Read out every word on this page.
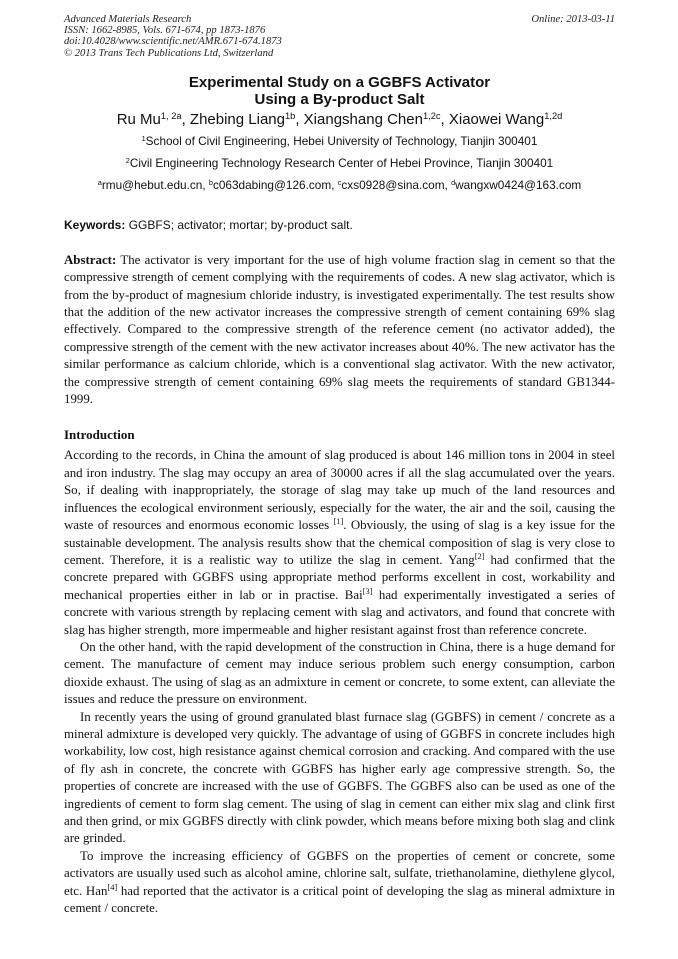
Advanced Materials Research
ISSN: 1662-8985, Vols. 671-674, pp 1873-1876
doi:10.4028/www.scientific.net/AMR.671-674.1873
© 2013 Trans Tech Publications Ltd, Switzerland
Online: 2013-03-11
Experimental Study on a GGBFS Activator
Using a By-product Salt
Ru $Mu^{1, 2a}$, Zhebing Liang$^{1b}$, Xiangshang Chen$^{1,2c}$, Xiaowei Wang$^{1,2d}$
$^1$School of Civil Engineering, Hebei University of Technology, Tianjin 300401
$^2$Civil Engineering Technology Research Center of Hebei Province, Tianjin 300401
$^a$rmu@hebut.edu.cn, $^b$c063dabing@126.com, $^c$cxs0928@sina.com, $^d$wangxw0424@163.com
Keywords: GGBFS; activator; mortar; by-product salt.

Abstract: The activator is very important for the use of high volume fraction slag in cement so that the compressive strength of cement complying with the requirements of codes. A new slag activator, which is from the by-product of magnesium chloride industry, is investigated experimentally. The test results show that the addition of the new activator increases the compressive strength of cement containing 69% slag effectively. Compared to the compressive strength of the reference cement (no activator added), the compressive strength of the cement with the new activator increases about 40%. The new activator has the similar performance as calcium chloride, which is a conventional slag activator. With the new activator, the compressive strength of cement containing 69% slag meets the requirements of standard GB1344-1999.

Introduction

According to the records, in China the amount of slag produced is about 146 million tons in 2004 in steel and iron industry. The slag may occupy an area of 30000 acres if all the slag accumulated over the years. So, if dealing with inappropriately, the storage of slag may take up much of the land resources and influences the ecological environment seriously, especially for the water, the air and the soil, causing the waste of resources and enormous economic losses [1]. Obviously, the using of slag is a key issue for the sustainable development. The analysis results show that the chemical composition of slag is very close to cement. Therefore, it is a realistic way to utilize the slag in cement. Yang[2] had confirmed that the concrete prepared with GGBFS using appropriate method performs excellent in cost, workability and mechanical properties either in lab or in practise. Bai[3] had experimentally investigated a series of concrete with various strength by replacing cement with slag and activators, and found that concrete with slag has higher strength, more impermeable and higher resistant against frost than reference concrete.

On the other hand, with the rapid development of the construction in China, there is a huge demand for cement. The manufacture of cement may induce serious problem such energy consumption, carbon dioxide exhaust. The using of slag as an admixture in cement or concrete, to some extent, can alleviate the issues and reduce the pressure on environment.

In recently years the using of ground granulated blast furnace slag (GGBFS) in cement / concrete as a mineral admixture is developed very quickly. The advantage of using of GGBFS in concrete includes high workability, low cost, high resistance against chemical corrosion and cracking. And compared with the use of fly ash in concrete, the concrete with GGBFS has higher early age compressive strength. So, the properties of concrete are increased with the use of GGBFS. The GGBFS also can be used as one of the ingredients of cement to form slag cement. The using of slag in cement can either mix slag and clink first and then grind, or mix GGBFS directly with clink powder, which means before mixing both slag and clink are grinded.

To improve the increasing efficiency of GGBFS on the properties of cement or concrete, some activators are usually used such as alcohol amine, chlorine salt, sulfate, triethanolamine, diethylene glycol, etc. Han[4] had reported that the activator is a critical point of developing the slag as mineral admixture in cement / concrete.
